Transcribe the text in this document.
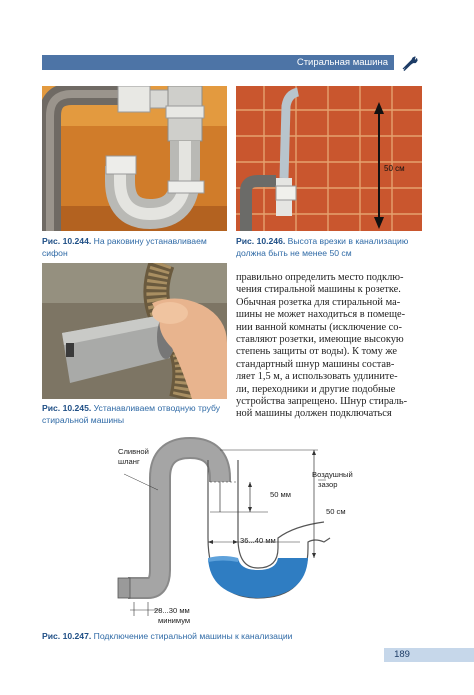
Стиральная машина
50 см
Рис. 10.244. На раковину устанавливаем сифон

Рис. 10.246. Высота врезки в канализацию
должна быть не менее 50 см
Рис. 10.245. Устанавливаем отводную трубу
стиральной машины
правильно определить место подклю-
чения стиральной машины к розетке.
Обычная розетка для стиральной ма-
шины не может находиться в помеще-
нии ванной комнаты (исключение со-
ставляют розетки, имеющие высокую
степень защиты от воды). К тому же
стандартный шнур машины состав-
ляет 1,5 м, а использовать удлините-
ли, переходники и другие подобные
устройства запрещено. Шнур стираль-
ной машины должен подключаться
Сливной
шланг
Воздушный
зазор
50 мм
50 см
36...40 мм
28...30 мм
минимум
Рис. 10.247. Подключение стиральной машины к канализации
189
